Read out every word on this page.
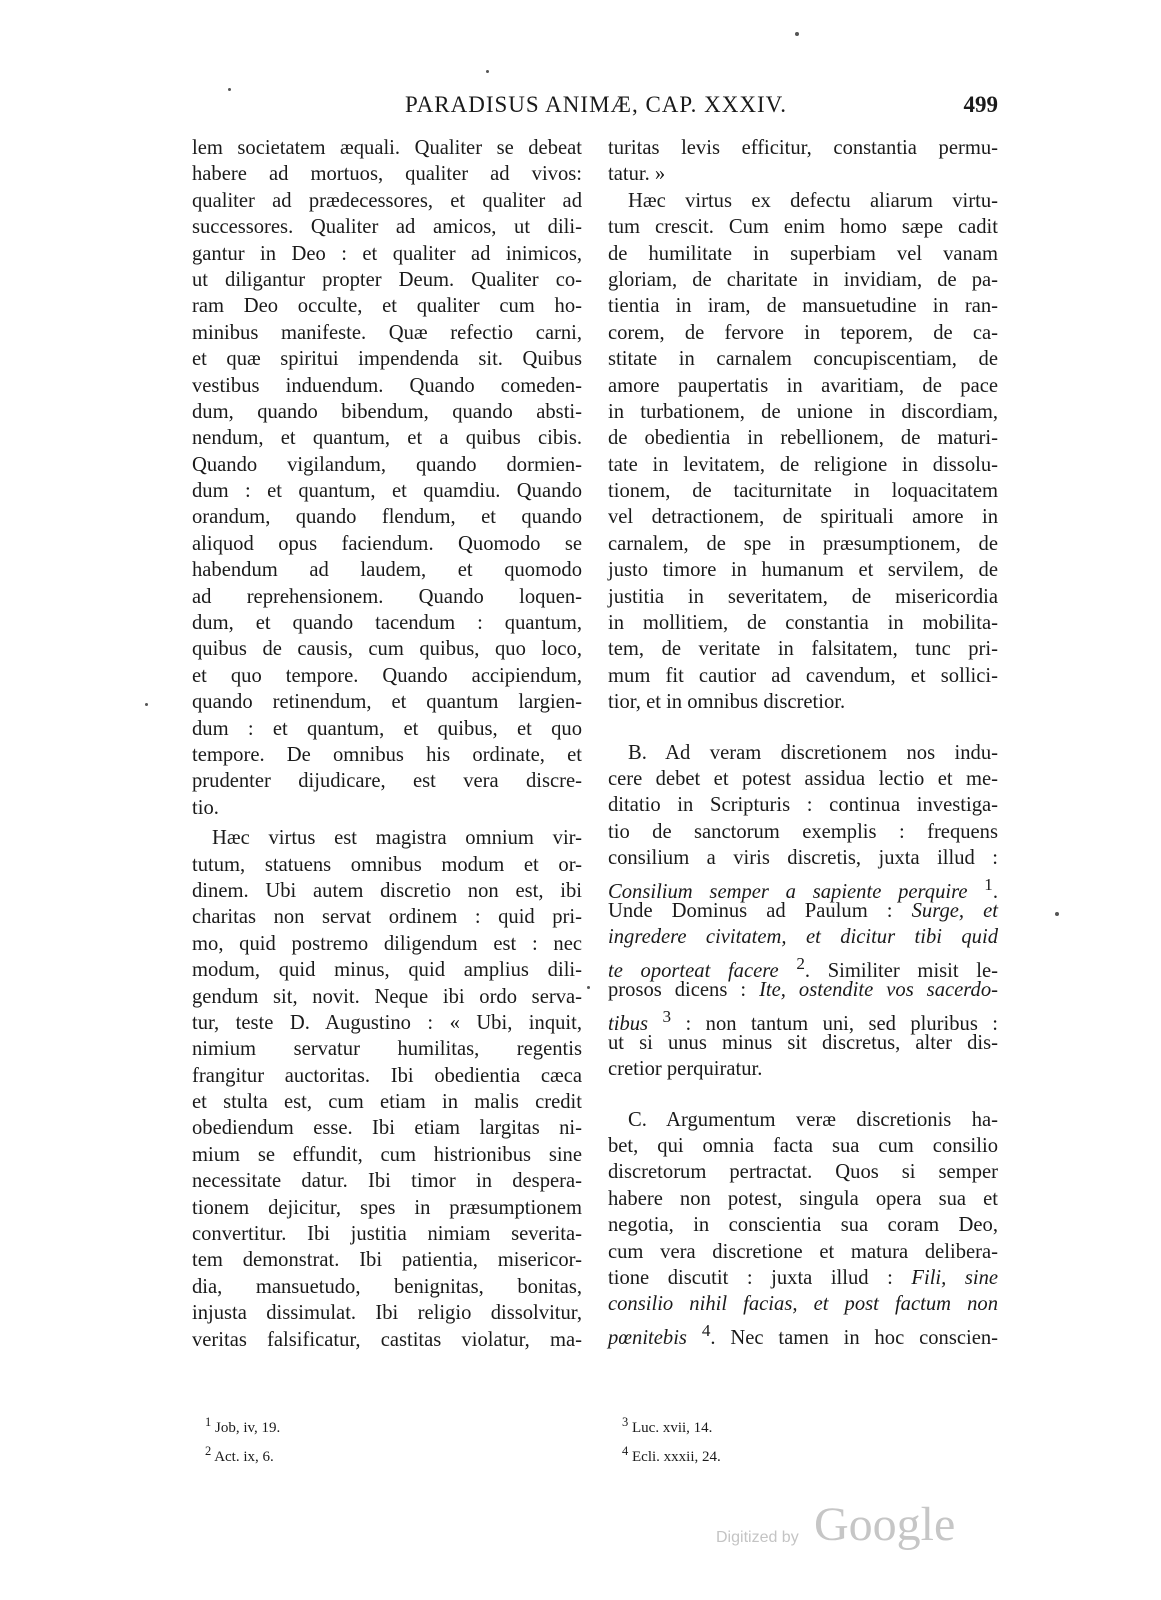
PARADISUS ANIMÆ, CAP. XXXIV.	499
lem societatem æquali. Qualiter se debeat
habere ad mortuos, qualiter ad vivos:
qualiter ad prædecessores, et qualiter ad
successores. Qualiter ad amicos, ut dili-
gantur in Deo : et qualiter ad inimicos,
ut diligantur propter Deum. Qualiter co-
ram Deo occulte, et qualiter cum ho-
minibus manifeste. Quæ refectio carni,
et quæ spiritui impendenda sit. Quibus
vestibus induendum. Quando comeden-
dum, quando bibendum, quando absti-
nendum, et quantum, et a quibus cibis.
Quando vigilandum, quando dormien-
dum : et quantum, et quamdiu. Quando
orandum, quando flendum, et quando
aliquod opus faciendum. Quomodo se
habendum ad laudem, et quomodo
ad reprehensionem. Quando loquen-
dum, et quando tacendum : quantum,
quibus de causis, cum quibus, quo loco,
et quo tempore. Quando accipiendum,
quando retinendum, et quantum largien-
dum : et quantum, et quibus, et quo
tempore. De omnibus his ordinate, et
prudenter dijudicare, est vera discre-
tio.
Hæc virtus est magistra omnium vir-
tutum, statuens omnibus modum et or-
dinem. Ubi autem discretio non est, ibi
charitas non servat ordinem : quid pri-
mo, quid postremo diligendum est : nec
modum, quid minus, quid amplius dili-
gendum sit, novit. Neque ibi ordo serva-
tur, teste D. Augustino : « Ubi, inquit,
nimium servatur humilitas, regentis
frangitur auctoritas. Ibi obedientia cæca
et stulta est, cum etiam in malis credit
obediendum esse. Ibi etiam largitas ni-
mium se effundit, cum histrionibus sine
necessitate datur. Ibi timor in despera-
tionem dejicitur, spes in præsumptionem
convertitur. Ibi justitia nimiam severita-
tem demonstrat. Ibi patientia, misericor-
dia, mansuetudo, benignitas, bonitas,
injusta dissimulat. Ibi religio dissolvitur,
veritas falsificatur, castitas violatur, ma-
turitas levis efficitur, constantia permu-
tatur. »
Hæc virtus ex defectu aliarum virtu-
tum crescit. Cum enim homo sæpe cadit
de humilitate in superbiam vel vanam
gloriam, de charitate in invidiam, de pa-
tientia in iram, de mansuetudine in ran-
corem, de fervore in teporem, de ca-
stitate in carnalem concupiscentiam, de
amore paupertatis in avaritiam, de pace
in turbationem, de unione in discordiam,
de obedientia in rebellionem, de maturi-
tate in levitatem, de religione in dissolu-
tionem, de taciturnitate in loquacitatem
vel detractionem, de spirituali amore in
carnalem, de spe in præsumptionem, de
justo timore in humanum et servilem, de
justitia in severitatem, de misericordia
in mollitiem, de constantia in mobilita-
tem, de veritate in falsitatem, tunc pri-
mum fit cautior ad cavendum, et sollici-
tior, et in omnibus discretior.
B. Ad veram discretionem nos indu-
cere debet et potest assidua lectio et me-
ditatio in Scripturis : continua investiga-
tio de sanctorum exemplis : frequens
consilium a viris discretis, juxta illud :
Consilium semper a sapiente perquire $^1$.
Unde Dominus ad Paulum : Surge, et
ingredere civitatem, et dicitur tibi quid
te oporteat facere $^2$. Similiter misit le-
prosos dicens : Ite, ostendite vos sacerdo-
tibus $^3$ : non tantum uni, sed pluribus :
ut si unus minus sit discretus, alter dis-
cretior perquiratur.
C. Argumentum veræ discretionis ha-
bet, qui omnia facta sua cum consilio
discretorum pertractat. Quos si semper
habere non potest, singula opera sua et
negotia, in conscientia sua coram Deo,
cum vera discretione et matura delibera-
tione discutit : juxta illud : Fili, sine
consilio nihil facias, et post factum non
pœnitebis $^4$. Nec tamen in hoc conscien-
$^1$ Job, iv, 19.
$^2$ Act. ix, 6.
$^3$ Luc. xvii, 14.
$^4$ Ecli. xxxii, 24.
Digitized by Google
